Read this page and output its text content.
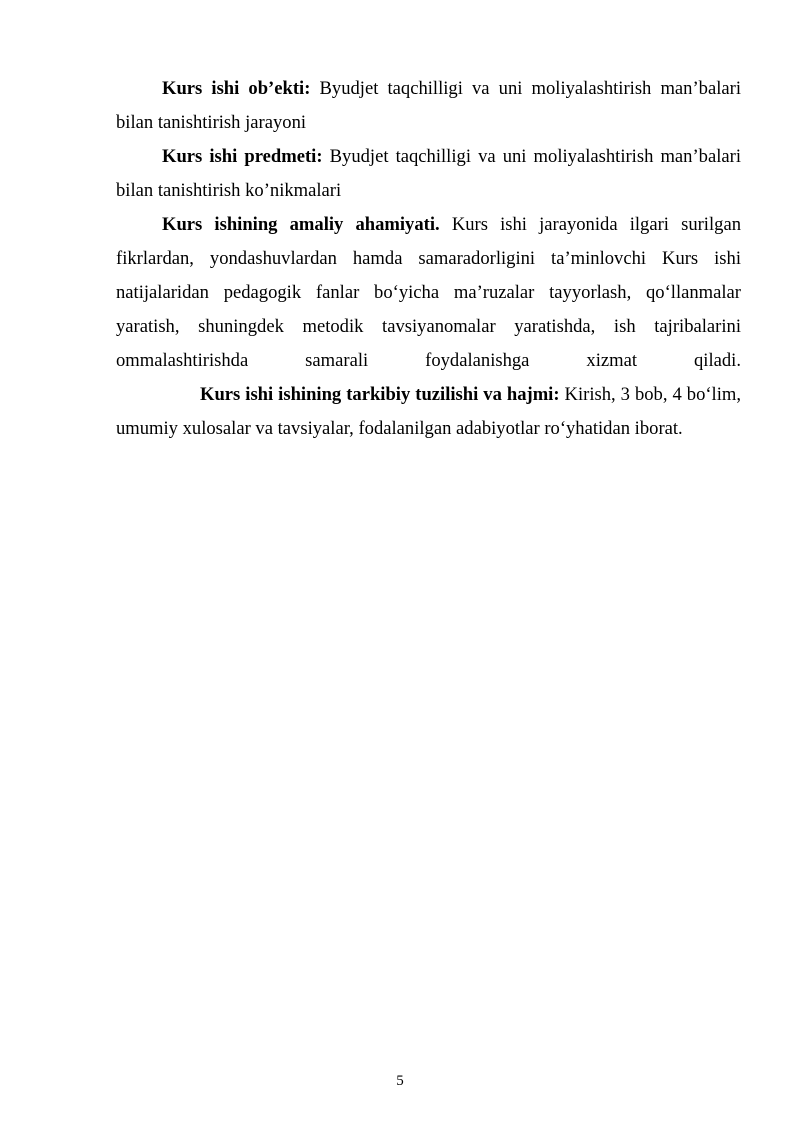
Kurs ishi ob’ekti: Byudjet taqchilligi va uni moliyalashtirish man’balari bilan tanishtirish jarayoni

Kurs ishi predmeti: Byudjet taqchilligi va uni moliyalashtirish man’balari bilan tanishtirish ko’nikmalari

Kurs ishining amaliy ahamiyati. Kurs ishi jarayonida ilgari surilgan fikrlardan, yondashuvlardan hamda samaradorligini ta’minlovchi Kurs ishi natijalaridan pedagogik fanlar bo‘yicha ma’ruzalar tayyorlash, qo‘llanmalar yaratish, shuningdek metodik tavsiyanomalar yaratishda, ish tajribalarini ommalashtirishda samarali foydalanishga xizmat qiladi.

Kurs ishi ishining tarkibiy tuzilishi va hajmi: Kirish, 3 bob, 4 bo‘lim, umumiy xulosalar va tavsiyalar, fodalanilgan adabiyotlar ro‘yhatidan iborat.

5
